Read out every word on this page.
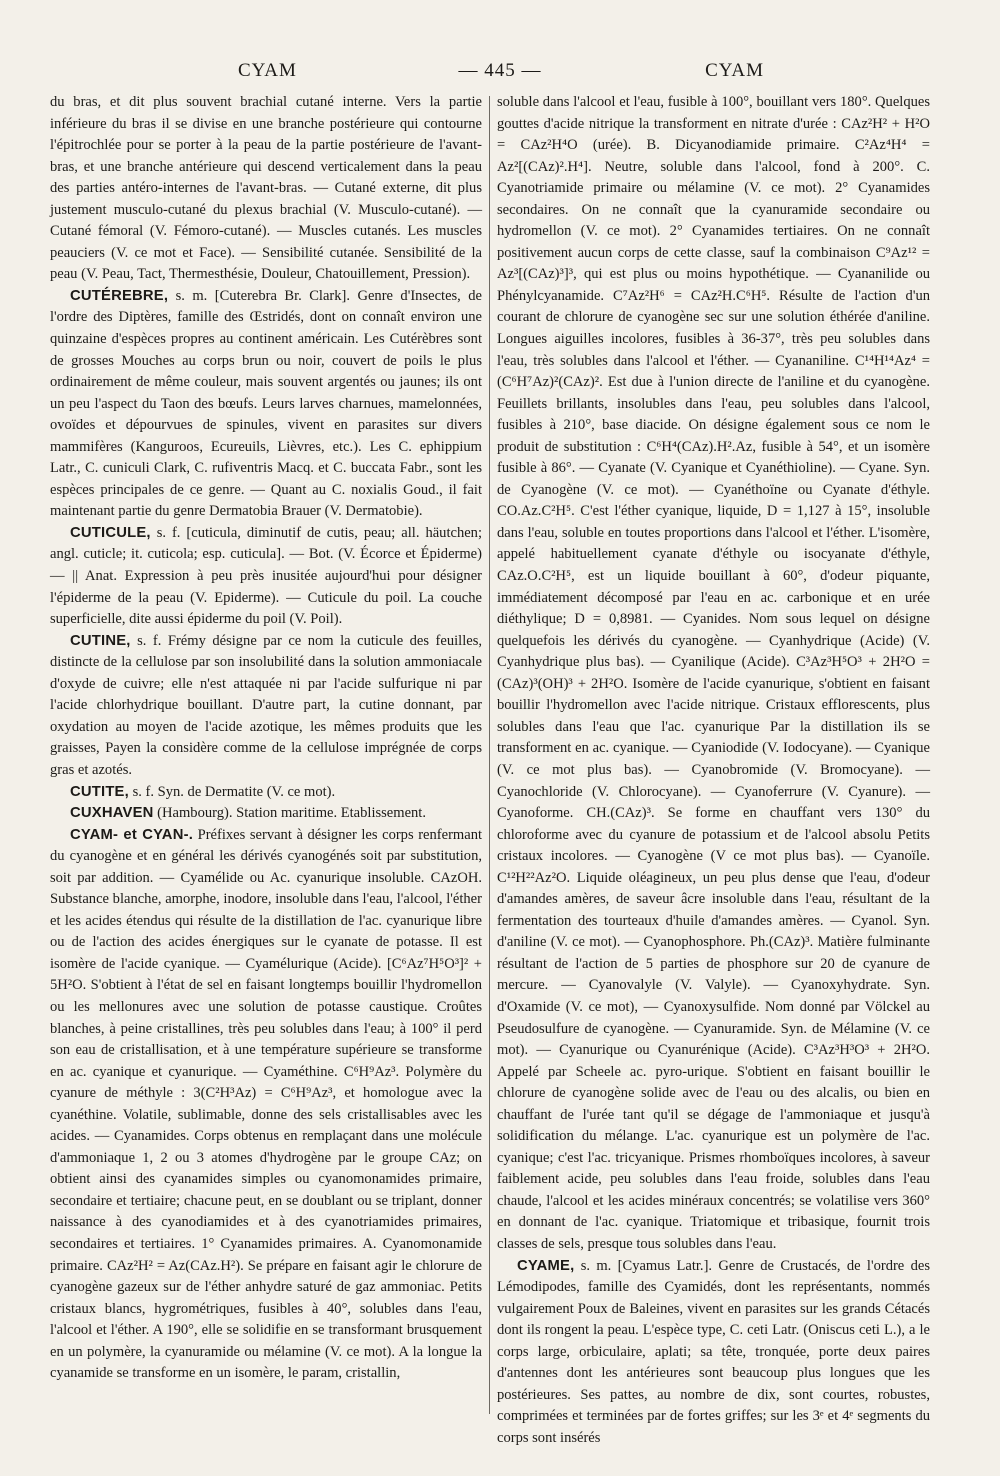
CYAM	— 445 —	CYAM

du bras, et dit plus souvent brachial cutané interne. Vers la partie inférieure du bras il se divise en une branche postérieure qui contourne l'épitrochlée pour se porter à la peau de la partie postérieure de l'avant-bras, et une branche antérieure qui descend verticalement dans la peau des parties antéro-internes de l'avant-bras. — Cutané externe, dit plus justement musculo-cutané du plexus brachial (V. Musculo-cutané). — Cutané fémoral (V. Fémoro-cutané). — Muscles cutanés. Les muscles peauciers (V. ce mot et Face). — Sensibilité cutanée. Sensibilité de la peau (V. Peau, Tact, Thermesthésie, Douleur, Chatouillement, Pression).

CUTÉREBRE, s. m. [Cuterebra Br. Clark]. Genre d'Insectes, de l'ordre des Diptères, famille des Œstridés, dont on connaît environ une quinzaine d'espèces propres au continent américain. Les Cutérèbres sont de grosses Mouches au corps brun ou noir, couvert de poils le plus ordinairement de même couleur, mais souvent argentés ou jaunes; ils ont un peu l'aspect du Taon des bœufs. Leurs larves charnues, mamelonnées, ovoïdes et dépourvues de spinules, vivent en parasites sur divers mammifères (Kanguroos, Ecureuils, Lièvres, etc.). Les C. ephippium Latr., C. cuniculi Clark, C. rufiventris Macq. et C. buccata Fabr., sont les espèces principales de ce genre. — Quant au C. noxialis Goud., il fait maintenant partie du genre Dermatobia Brauer (V. Dermatobie).

CUTICULE, s. f. [cuticula, diminutif de cutis, peau; all. häutchen; angl. cuticle; it. cuticola; esp. cuticula]. — Bot. (V. Écorce et Épiderme) — || Anat. Expression à peu près inusitée aujourd'hui pour désigner l'épiderme de la peau (V. Epiderme). — Cuticule du poil. La couche superficielle, dite aussi épiderme du poil (V. Poil).

CUTINE, s. f. Frémy désigne par ce nom la cuticule des feuilles, distincte de la cellulose par son insolubilité dans la solution ammoniacale d'oxyde de cuivre; elle n'est attaquée ni par l'acide sulfurique ni par l'acide chlorhydrique bouillant. D'autre part, la cutine donnant, par oxydation au moyen de l'acide azotique, les mêmes produits que les graisses, Payen la considère comme de la cellulose imprégnée de corps gras et azotés.

CUTITE, s. f. Syn. de Dermatite (V. ce mot).

CUXHAVEN (Hambourg). Station maritime. Etablissement.

CYAM- et CYAN-. Préfixes servant à désigner les corps renfermant du cyanogène et en général les dérivés cyanogénés soit par substitution, soit par addition. — Cyamélide ou Ac. cyanurique insoluble. CAzOH. Substance blanche, amorphe, inodore, insoluble dans l'eau, l'alcool, l'éther et les acides étendus qui résulte de la distillation de l'ac. cyanurique libre ou de l'action des acides énergiques sur le cyanate de potasse. Il est isomère de l'acide cyanique. — Cyamélurique (Acide). [C⁶Az⁷H⁵O³]² + 5H²O. S'obtient à l'état de sel en faisant longtemps bouillir l'hydromellon ou les mellonures avec une solution de potasse caustique. Croûtes blanches, à peine cristallines, très peu solubles dans l'eau; à 100° il perd son eau de cristallisation, et à une température supérieure se transforme en ac. cyanique et cyanurique. — Cyaméthine. C⁶H⁹Az³. Polymère du cyanure de méthyle : 3(C²H³Az) = C⁶H⁹Az³, et homologue avec la cyanéthine. Volatile, sublimable, donne des sels cristallisables avec les acides. — Cyanamides. Corps obtenus en remplaçant dans une molécule d'ammoniaque 1, 2 ou 3 atomes d'hydrogène par le groupe CAz; on obtient ainsi des cyanamides simples ou cyanomonamides primaire, secondaire et tertiaire; chacune peut, en se doublant ou se triplant, donner naissance à des cyanodiamides et à des cyanotriamides primaires, secondaires et tertiaires. 1° Cyanamides primaires. A. Cyanomonamide primaire. CAz²H² = Az(CAz.H²). Se prépare en faisant agir le chlorure de cyanogène gazeux sur de l'éther anhydre saturé de gaz ammoniac. Petits cristaux blancs, hygrométriques, fusibles à 40°, solubles dans l'eau, l'alcool et l'éther. A 190°, elle se solidifie en se transformant brusquement en un polymère, la cyanuramide ou mélamine (V. ce mot). A la longue la cyanamide se transforme en un isomère, le param, cristallin,

soluble dans l'alcool et l'eau, fusible à 100°, bouillant vers 180°. Quelques gouttes d'acide nitrique la transforment en nitrate d'urée : CAz²H² + H²O = CAz²H⁴O (urée). B. Dicyanodiamide primaire. C²Az⁴H⁴ = Az²[(CAz)².H⁴]. Neutre, soluble dans l'alcool, fond à 200°. C. Cyanotriamide primaire ou mélamine (V. ce mot). 2° Cyanamides secondaires. On ne connaît que la cyanuramide secondaire ou hydromellon (V. ce mot). 2° Cyanamides tertiaires. On ne connaît positivement aucun corps de cette classe, sauf la combinaison C⁹Az¹² = Az³[(CAz)³]³, qui est plus ou moins hypothétique. — Cyananilide ou Phénylcyanamide. C⁷Az²H⁶ = CAz²H.C⁶H⁵. Résulte de l'action d'un courant de chlorure de cyanogène sec sur une solution éthérée d'aniline. Longues aiguilles incolores, fusibles à 36-37°, très peu solubles dans l'eau, très solubles dans l'alcool et l'éther. — Cyananiline. C¹⁴H¹⁴Az⁴ = (C⁶H⁷Az)²(CAz)². Est due à l'union directe de l'aniline et du cyanogène. Feuillets brillants, insolubles dans l'eau, peu solubles dans l'alcool, fusibles à 210°, base diacide. On désigne également sous ce nom le produit de substitution : C⁶H⁴(CAz).H².Az, fusible à 54°, et un isomère fusible à 86°. — Cyanate (V. Cyanique et Cyanéthioline). — Cyane. Syn. de Cyanogène (V. ce mot). — Cyanéthoïne ou Cyanate d'éthyle. CO.Az.C²H⁵. C'est l'éther cyanique, liquide, D = 1,127 à 15°, insoluble dans l'eau, soluble en toutes proportions dans l'alcool et l'éther. L'isomère, appelé habituellement cyanate d'éthyle ou isocyanate d'éthyle, CAz.O.C²H⁵, est un liquide bouillant à 60°, d'odeur piquante, immédiatement décomposé par l'eau en ac. carbonique et en urée diéthylique; D = 0,8981. — Cyanides. Nom sous lequel on désigne quelquefois les dérivés du cyanogène. — Cyanhydrique (Acide) (V. Cyanhydrique plus bas). — Cyanilique (Acide). C³Az³H⁵O³ + 2H²O = (CAz)³(OH)³ + 2H²O. Isomère de l'acide cyanurique, s'obtient en faisant bouillir l'hydromellon avec l'acide nitrique. Cristaux efflorescents, plus solubles dans l'eau que l'ac. cyanurique Par la distillation ils se transforment en ac. cyanique. — Cyaniodide (V. Iodocyane). — Cyanique (V. ce mot plus bas). — Cyanobromide (V. Bromocyane). — Cyanochloride (V. Chlorocyane). — Cyanoferrure (V. Cyanure). — Cyanoforme. CH.(CAz)³. Se forme en chauffant vers 130° du chloroforme avec du cyanure de potassium et de l'alcool absolu Petits cristaux incolores. — Cyanogène (V ce mot plus bas). — Cyanoïle. C¹²H²²Az²O. Liquide oléagineux, un peu plus dense que l'eau, d'odeur d'amandes amères, de saveur âcre insoluble dans l'eau, résultant de la fermentation des tourteaux d'huile d'amandes amères. — Cyanol. Syn. d'aniline (V. ce mot). — Cyanophosphore. Ph.(CAz)³. Matière fulminante résultant de l'action de 5 parties de phosphore sur 20 de cyanure de mercure. — Cyanovalyle (V. Valyle). — Cyanoxyhydrate. Syn. d'Oxamide (V. ce mot), — Cyanoxysulfide. Nom donné par Völckel au Pseudosulfure de cyanogène. — Cyanuramide. Syn. de Mélamine (V. ce mot). — Cyanurique ou Cyanurénique (Acide). C³Az³H³O³ + 2H²O. Appelé par Scheele ac. pyro-urique. S'obtient en faisant bouillir le chlorure de cyanogène solide avec de l'eau ou des alcalis, ou bien en chauffant de l'urée tant qu'il se dégage de l'ammoniaque et jusqu'à solidification du mélange. L'ac. cyanurique est un polymère de l'ac. cyanique; c'est l'ac. tricyanique. Prismes rhomboïques incolores, à saveur faiblement acide, peu solubles dans l'eau froide, solubles dans l'eau chaude, l'alcool et les acides minéraux concentrés; se volatilise vers 360° en donnant de l'ac. cyanique. Triatomique et tribasique, fournit trois classes de sels, presque tous solubles dans l'eau.

CYAME, s. m. [Cyamus Latr.]. Genre de Crustacés, de l'ordre des Lémodipodes, famille des Cyamidés, dont les représentants, nommés vulgairement Poux de Baleines, vivent en parasites sur les grands Cétacés dont ils rongent la peau. L'espèce type, C. ceti Latr. (Oniscus ceti L.), a le corps large, orbiculaire, aplati; sa tête, tronquée, porte deux paires d'antennes dont les antérieures sont beaucoup plus longues que les postérieures. Ses pattes, au nombre de dix, sont courtes, robustes, comprimées et terminées par de fortes griffes; sur les 3ᵉ et 4ᵉ segments du corps sont insérés
